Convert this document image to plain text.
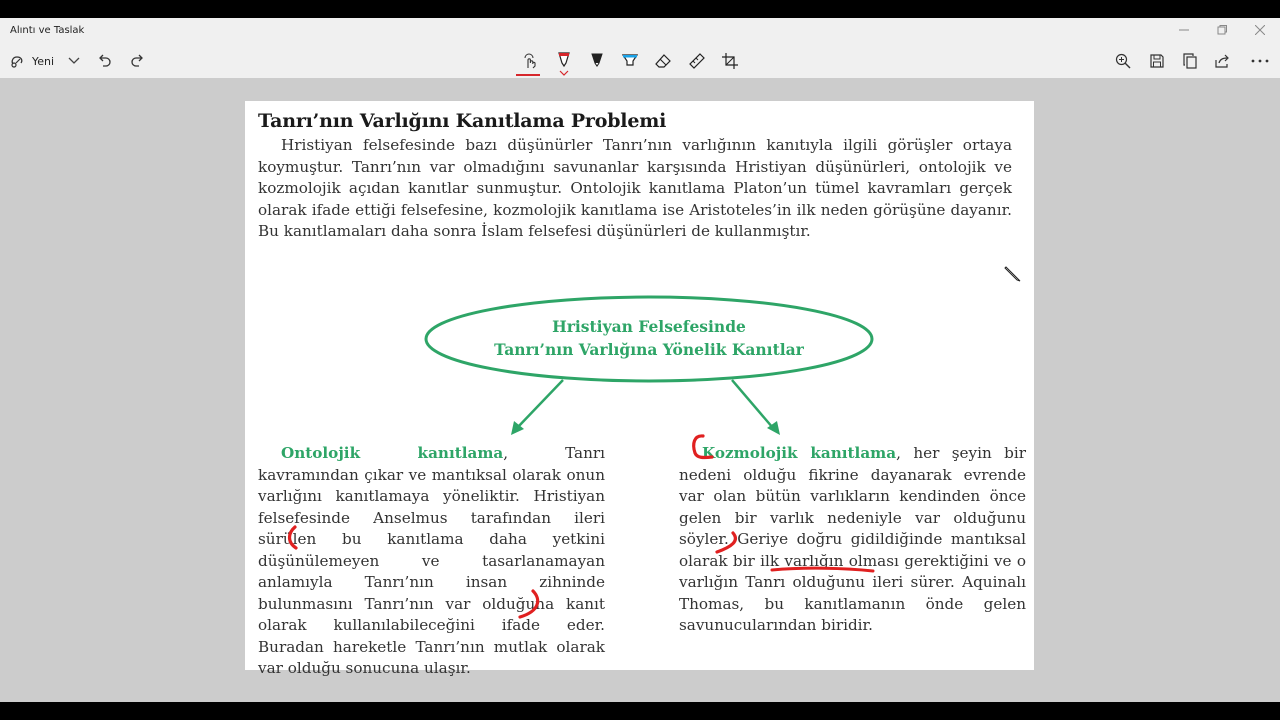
Alıntı ve Taslak
Yeni
Tanrı’nın Varlığını Kanıtlama Problemi
Hristiyan felsefesinde bazı düşünürler Tanrı’nın varlığının kanıtıyla ilgili görüşler ortaya koymuştur. Tanrı’nın var olmadığını savunanlar karşısında Hristiyan düşünürleri, ontolojik ve kozmolojik açıdan kanıtlar sunmuştur. Ontolojik kanıtlama Platon’un tümel kavramları gerçek olarak ifade ettiği felsefesine, kozmolojik kanıtlama ise Aristoteles’in ilk neden görüşüne dayanır. Bu kanıtlamaları daha sonra İslam felsefesi düşünürleri de kullanmıştır.
Hristiyan Felsefesinde
Tanrı’nın Varlığına Yönelik Kanıtlar
Ontolojik kanıtlama, Tanrı kavramından çıkar ve mantıksal olarak onun varlığını kanıtlamaya yöneliktir. Hristiyan felsefesinde Anselmus tarafından ileri sürülen bu kanıtlama daha yetkini düşünülemeyen ve tasarlanamayan anlamıyla Tanrı’nın insan zihninde bulunmasını Tanrı’nın var olduğuna kanıt olarak kullanılabileceğini ifade eder. Buradan hareketle Tanrı’nın mutlak olarak var olduğu sonucuna ulaşır.
Kozmolojik kanıtlama, her şeyin bir nedeni olduğu fikrine dayanarak evrende var olan bütün varlıkların kendinden önce gelen bir varlık nedeniyle var olduğunu söyler. Geriye doğru gidildiğinde mantıksal olarak bir ilk varlığın olması gerektiğini ve o varlığın Tanrı olduğunu ileri sürer. Aquinalı Thomas, bu kanıtlamanın önde gelen savunucularından biridir.
